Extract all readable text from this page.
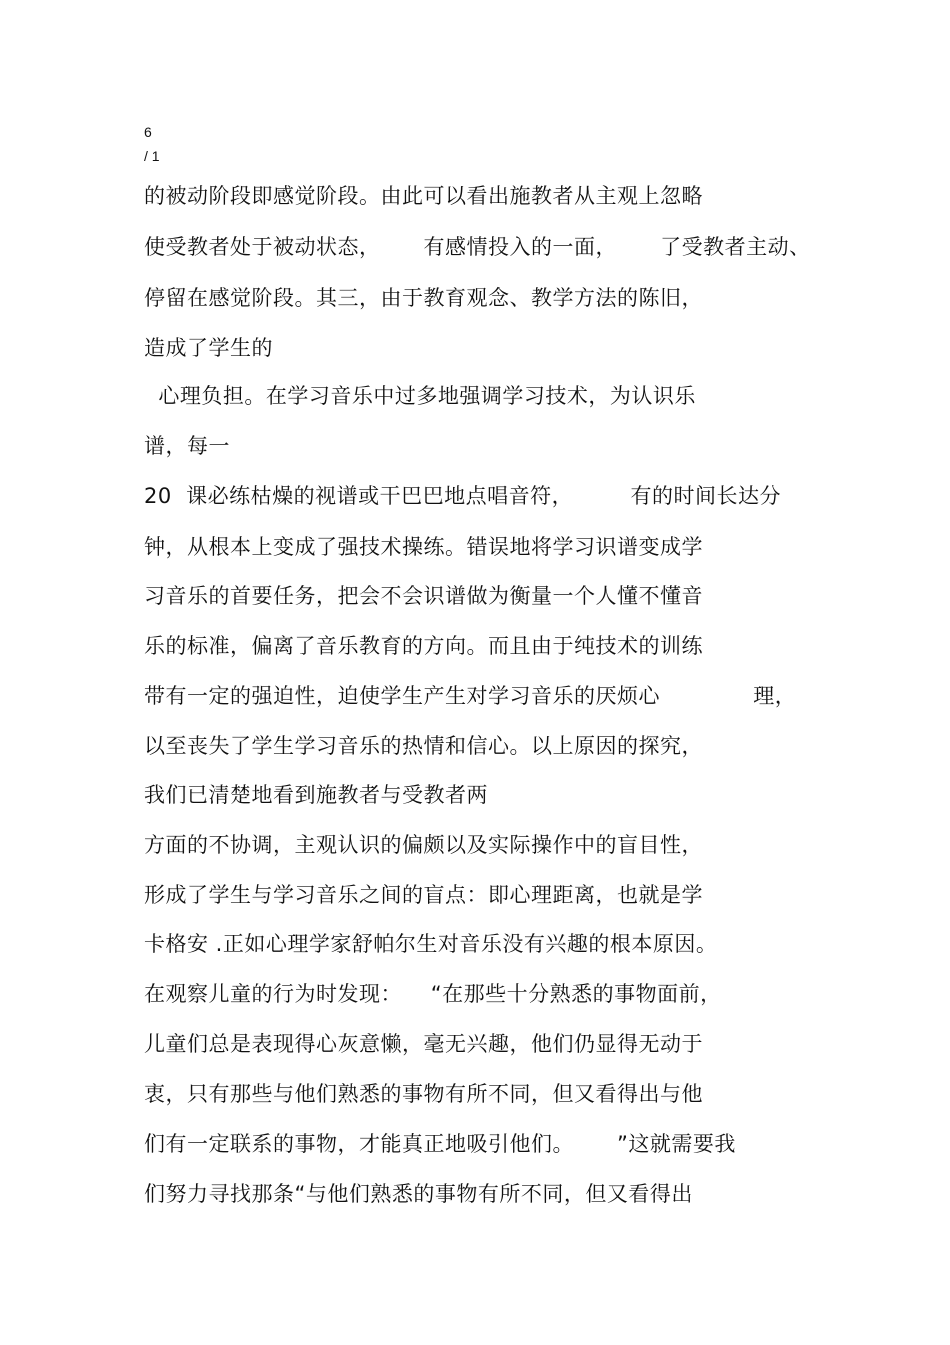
6
/ 1
的被动阶段即感觉阶段。由此可以看出施教者从主观上忽略
使受教者处于被动状态，      有感情投入的一面，      了受教者主动、
停留在感觉阶段。其三，由于教育观念、教学方法的陈旧，
造成了学生的
心理负担。在学习音乐中过多地强调学习技术，为认识乐
谱，每一
20  课必练枯燥的视谱或干巴巴地点唱音符，        有的时间长达分
钟，从根本上变成了强技术操练。错误地将学习识谱变成学
习音乐的首要任务，把会不会识谱做为衡量一个人懂不懂音
乐的标准，偏离了音乐教育的方向。而且由于纯技术的训练
带有一定的强迫性，迫使学生产生对学习音乐的厌烦心             理，
以至丧失了学生学习音乐的热情和信心。以上原因的探究，
我们已清楚地看到施教者与受教者两
方面的不协调，主观认识的偏颇以及实际操作中的盲目性，
形成了学生与学习音乐之间的盲点：即心理距离，也就是学
卡格安 .正如心理学家舒帕尔生对音乐没有兴趣的根本原因。
在观察儿童的行为时发现：    “在那些十分熟悉的事物面前，
儿童们总是表现得心灰意懒，毫无兴趣，他们仍显得无动于
衷，只有那些与他们熟悉的事物有所不同，但又看得出与他
们有一定联系的事物，才能真正地吸引他们。      ”这就需要我
们努力寻找那条“与他们熟悉的事物有所不同，但又看得出
